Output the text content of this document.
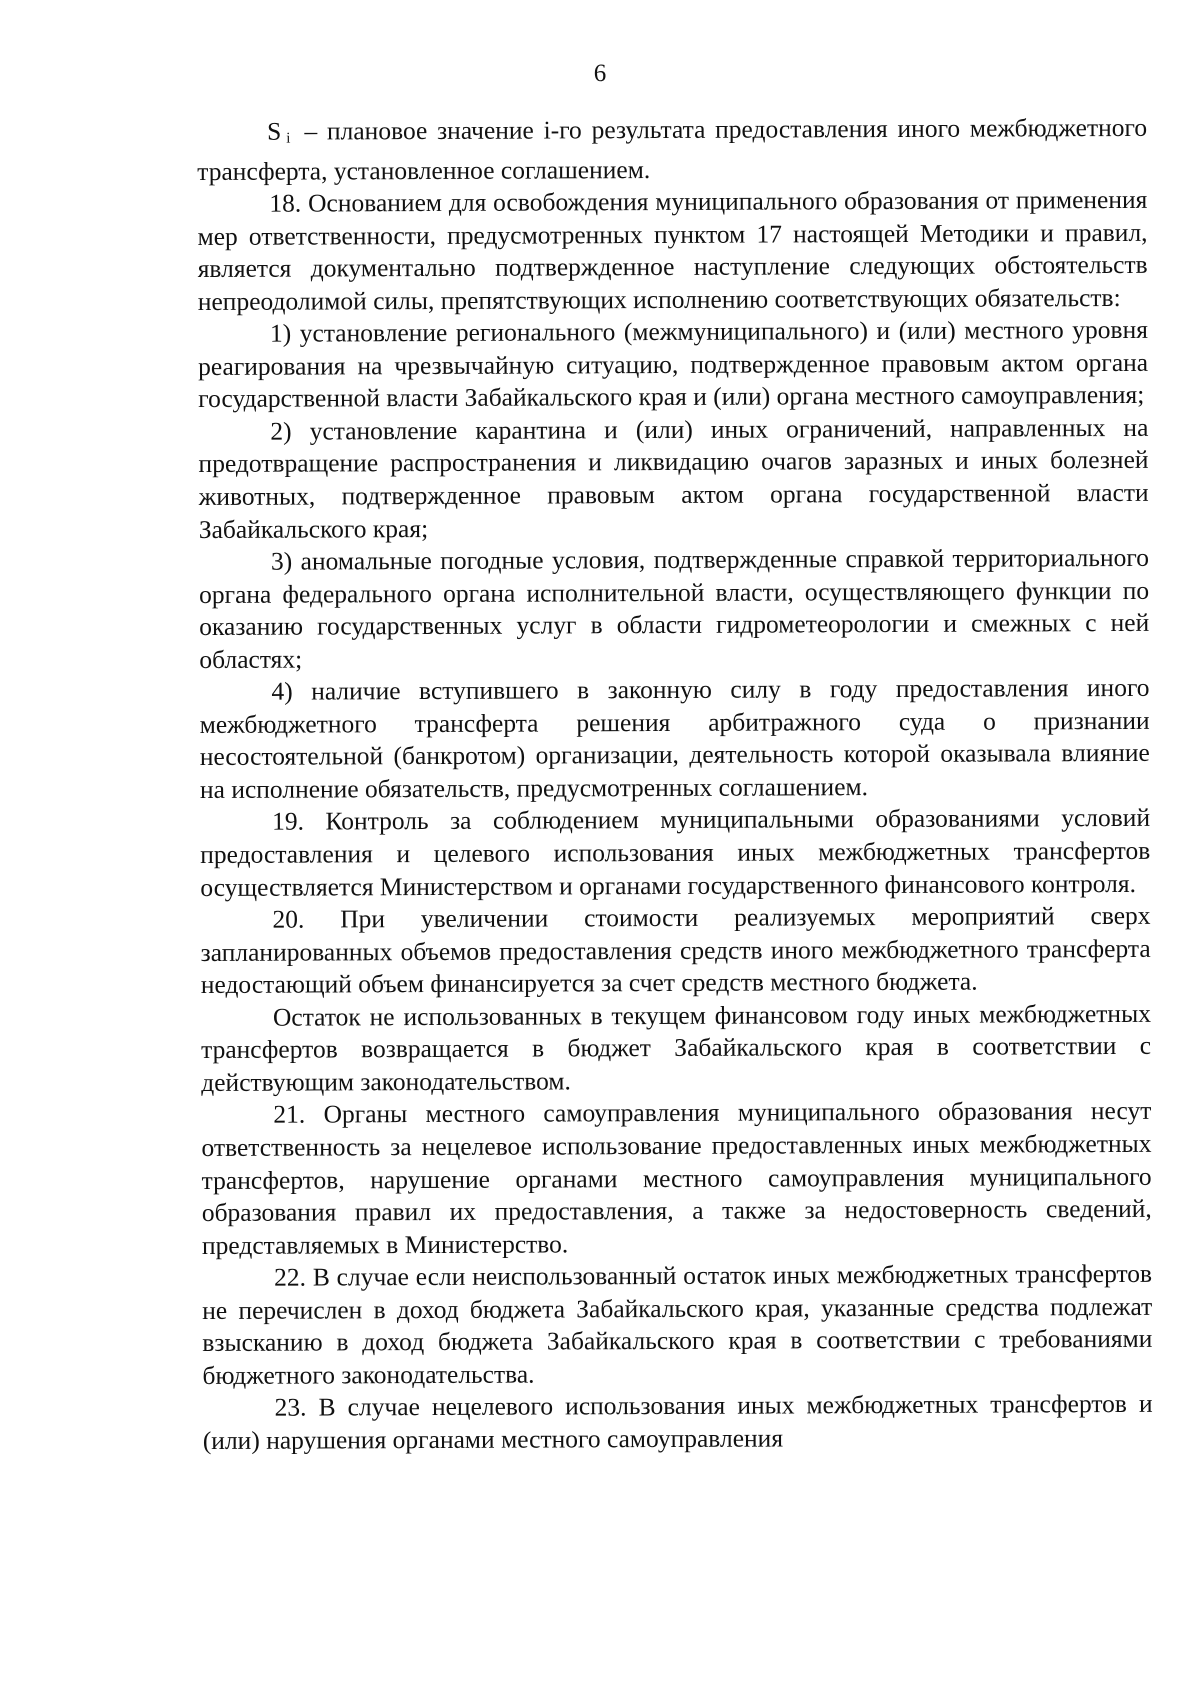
6

Si – плановое значение i-го результата предоставления иного межбюджетного трансферта, установленное соглашением.

18. Основанием для освобождения муниципального образования от применения мер ответственности, предусмотренных пунктом 17 настоящей Методики и правил, является документально подтвержденное наступление следующих обстоятельств непреодолимой силы, препятствующих исполнению соответствующих обязательств:

1) установление регионального (межмуниципального) и (или) местного уровня реагирования на чрезвычайную ситуацию, подтвержденное правовым актом органа государственной власти Забайкальского края и (или) органа местного самоуправления;

2) установление карантина и (или) иных ограничений, направленных на предотвращение распространения и ликвидацию очагов заразных и иных болезней животных, подтвержденное правовым актом органа государственной власти Забайкальского края;

3) аномальные погодные условия, подтвержденные справкой территориального органа федерального органа исполнительной власти, осуществляющего функции по оказанию государственных услуг в области гидрометеорологии и смежных с ней областях;

4) наличие вступившего в законную силу в году предоставления иного межбюджетного трансферта решения арбитражного суда о признании несостоятельной (банкротом) организации, деятельность которой оказывала влияние на исполнение обязательств, предусмотренных соглашением.

19. Контроль за соблюдением муниципальными образованиями условий предоставления и целевого использования иных межбюджетных трансфертов осуществляется Министерством и органами государственного финансового контроля.

20. При увеличении стоимости реализуемых мероприятий сверх запланированных объемов предоставления средств иного межбюджетного трансферта недостающий объем финансируется за счет средств местного бюджета.

Остаток не использованных в текущем финансовом году иных межбюджетных трансфертов возвращается в бюджет Забайкальского края в соответствии с действующим законодательством.

21. Органы местного самоуправления муниципального образования несут ответственность за нецелевое использование предоставленных иных межбюджетных трансфертов, нарушение органами местного самоуправления муниципального образования правил их предоставления, а также за недостоверность сведений, представляемых в Министерство.

22. В случае если неиспользованный остаток иных межбюджетных трансфертов не перечислен в доход бюджета Забайкальского края, указанные средства подлежат взысканию в доход бюджета Забайкальского края в соответствии с требованиями бюджетного законодательства.

23. В случае нецелевого использования иных межбюджетных трансфертов и (или) нарушения органами местного самоуправления
